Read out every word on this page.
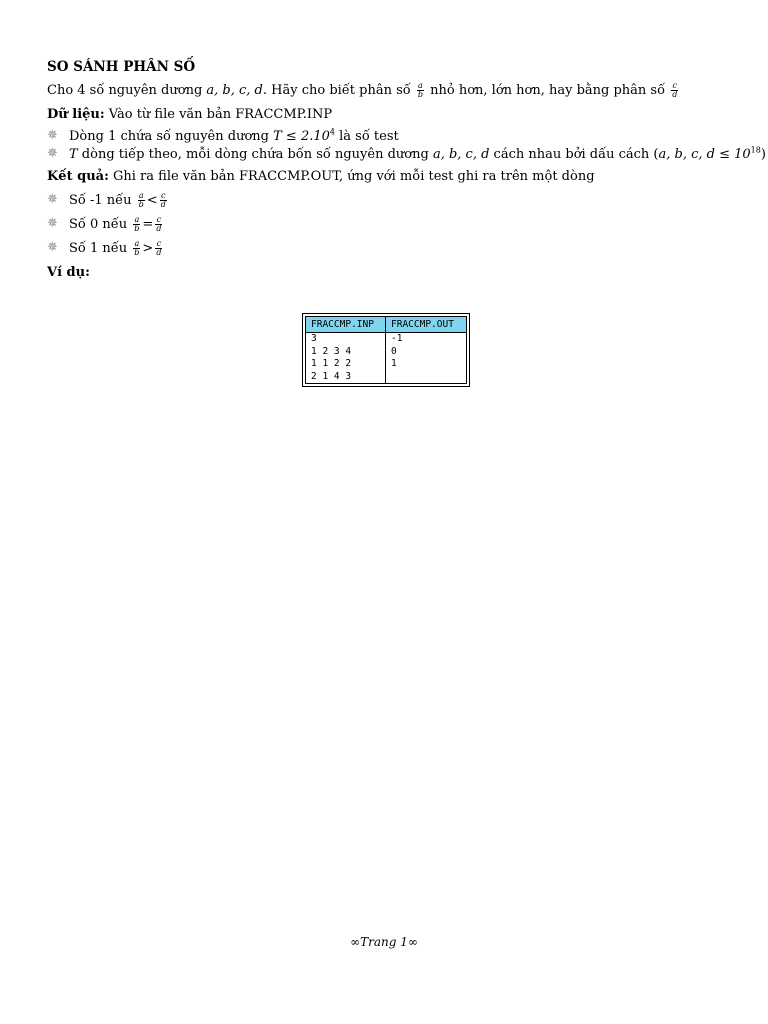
SO SÁNH PHÂN SỐ
Cho 4 số nguyên dương a, b, c, d. Hãy cho biết phân số $\frac{a}{b}$ nhỏ hơn, lớn hơn, hay bằng phân số $\frac{c}{d}$
Dữ liệu: Vào từ file văn bản FRACCMP.INP
✵ Dòng 1 chứa số nguyên dương $T \le 2.10^4$ là số test
✵ T dòng tiếp theo, mỗi dòng chứa bốn số nguyên dương a, b, c, d cách nhau bởi dấu cách (a, b, c, $d \le 10^{18}$)
Kết quả: Ghi ra file văn bản FRACCMP.OUT, ứng với mỗi test ghi ra trên một dòng
✵ Số -1 nếu $\frac{a}{b} < \frac{c}{d}$
✵ Số 0 nếu $\frac{a}{b} = \frac{c}{d}$
✵ Số 1 nếu $\frac{a}{b} > \frac{c}{d}$
Ví dụ:
FRACCMP.INP	FRACCMP.OUT
3	-1
1 2 3 4	0
1 1 2 2	1
2 1 4 3	
∞Trang 1∞
